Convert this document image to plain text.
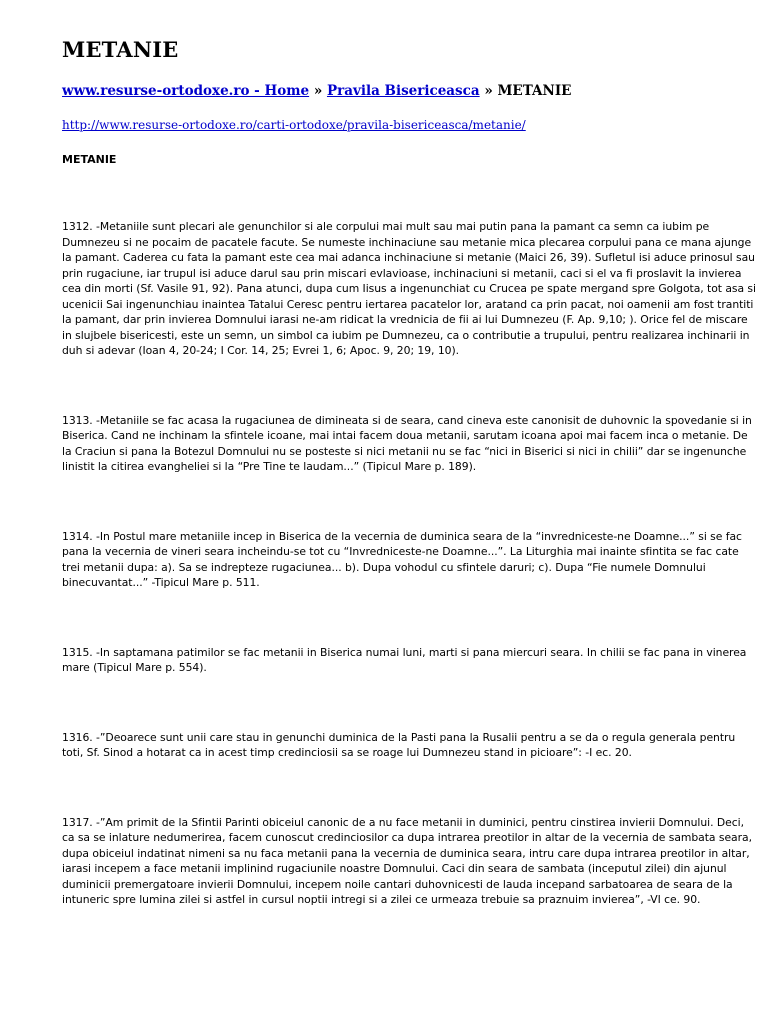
METANIE
www.resurse-ortodoxe.ro - Home » Pravila Bisericeasca » METANIE
http://www.resurse-ortodoxe.ro/carti-ortodoxe/pravila-bisericeasca/metanie/
METANIE

1312. -Metaniile sunt plecari ale genunchilor si ale corpului mai mult sau mai putin pana la pamant ca semn ca iubim pe Dumnezeu si ne pocaim de pacatele facute. Se numeste inchinaciune sau metanie mica plecarea corpului pana ce mana ajunge la pamant. Caderea cu fata la pamant este cea mai adanca inchinaciune si metanie (Maici 26, 39). Sufletul isi aduce prinosul sau prin rugaciune, iar trupul isi aduce darul sau prin miscari evlavioase, inchinaciuni si metanii, caci si el va fi proslavit la invierea cea din morti (Sf. Vasile 91, 92). Pana atunci, dupa cum Iisus a ingenunchiat cu Crucea pe spate mergand spre Golgota, tot asa si ucenicii Sai ingenunchiau inaintea Tatalui Ceresc pentru iertarea pacatelor lor, aratand ca prin pacat, noi oamenii am fost trantiti la pamant, dar prin invierea Domnului iarasi ne-am ridicat la vrednicia de fii ai lui Dumnezeu (F. Ap. 9,10; ). Orice fel de miscare in slujbele bisericesti, este un semn, un simbol ca iubim pe Dumnezeu, ca o contributie a trupului, pentru realizarea inchinarii in duh si adevar (Ioan 4, 20-24; I Cor. 14, 25; Evrei 1, 6; Apoc. 9, 20; 19, 10).

1313. -Metaniile se fac acasa la rugaciunea de dimineata si de seara, cand cineva este canonisit de duhovnic la spovedanie si in Biserica. Cand ne inchinam la sfintele icoane, mai intai facem doua metanii, sarutam icoana apoi mai facem inca o metanie. De la Craciun si pana la Botezul Domnului nu se posteste si nici metanii nu se fac “nici in Biserici si nici in chilii” dar se ingenunche linistit la citirea evangheliei si la “Pre Tine te laudam...” (Tipicul Mare p. 189).

1314. -In Postul mare metaniile incep in Biserica de la vecernia de duminica seara de la “invredniceste-ne Doamne...” si se fac pana la vecernia de vineri seara incheindu-se tot cu “Invredniceste-ne Doamne...”. La Liturghia mai inainte sfintita se fac cate trei metanii dupa: a). Sa se indrepteze rugaciunea... b). Dupa vohodul cu sfintele daruri; c). Dupa “Fie numele Domnului binecuvantat...” -Tipicul Mare p. 511.

1315. -In saptamana patimilor se fac metanii in Biserica numai luni, marti si pana miercuri seara. In chilii se fac pana in vinerea mare (Tipicul Mare p. 554).

1316. -”Deoarece sunt unii care stau in genunchi duminica de la Pasti pana la Rusalii pentru a se da o regula generala pentru toti, Sf. Sinod a hotarat ca in acest timp credinciosii sa se roage lui Dumnezeu stand in picioare”: -I ec. 20.

1317. -”Am primit de la Sfintii Parinti obiceiul canonic de a nu face metanii in duminici, pentru cinstirea invierii Domnului. Deci, ca sa se inlature nedumerirea, facem cunoscut credinciosilor ca dupa intrarea preotilor in altar de la vecernia de sambata seara, dupa obiceiul indatinat nimeni sa nu faca metanii pana la vecernia de duminica seara, intru care dupa intrarea preotilor in altar, iarasi incepem a face metanii implinind rugaciunile noastre Domnului. Caci din seara de sambata (inceputul zilei) din ajunul duminicii premergatoare invierii Domnului, incepem noile cantari duhovnicesti de lauda incepand sarbatoarea de seara de la intuneric spre lumina zilei si astfel in cursul noptii intregi si a zilei ce urmeaza trebuie sa praznuim invierea”, -VI ce. 90.
